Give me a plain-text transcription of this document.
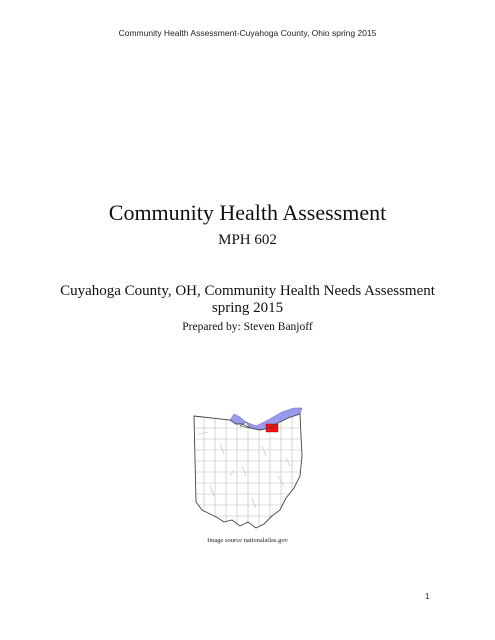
Community Health Assessment-Cuyahoga County, Ohio spring 2015
Community Health Assessment
MPH 602
Cuyahoga County, OH, Community Health Needs Assessment
spring 2015
Prepared by: Steven Banjoff
Image source nationalatlas.gov
1
